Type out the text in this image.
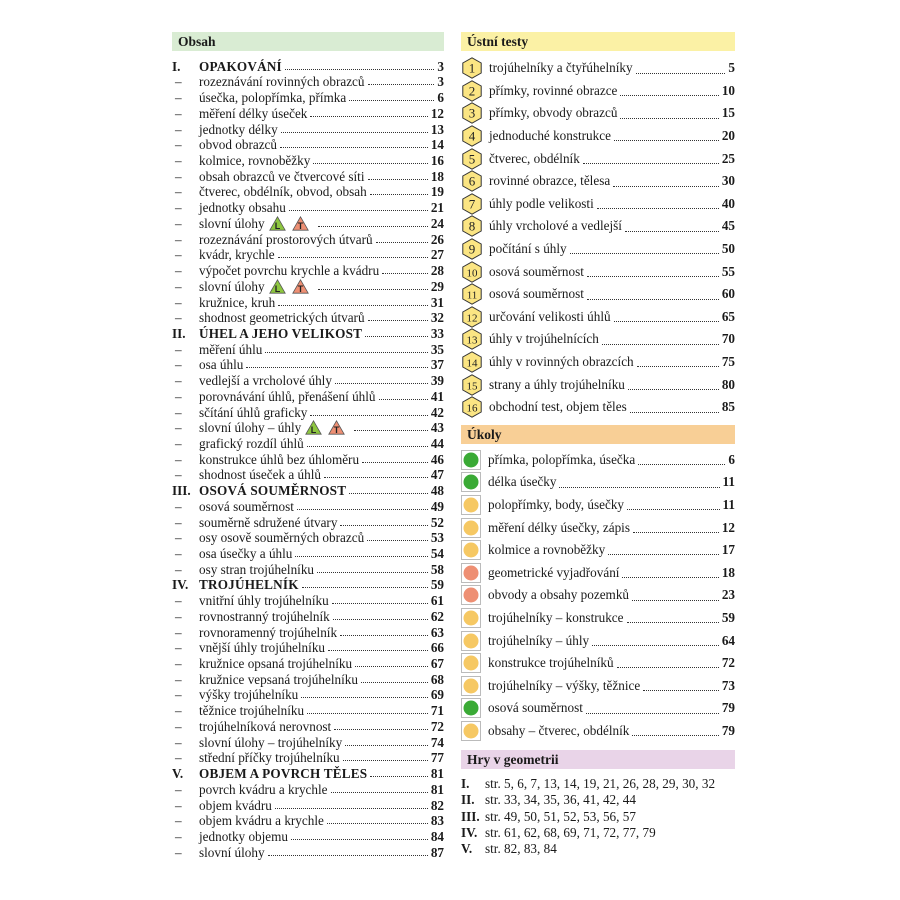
Obsah
I.	OPAKOVÁNÍ	3
–	rozeznávání rovinných obrazců	3
–	úsečka, polopřímka, přímka	6
–	měření délky úseček	12
–	jednotky délky	13
–	obvod obrazců	14
–	kolmice, rovnoběžky	16
–	obsah obrazců ve čtvercové síti	18
–	čtverec, obdélník, obvod, obsah	19
–	jednotky obsahu	21
–	slovní úlohy L T	24
–	rozeznávání prostorových útvarů	26
–	kvádr, krychle	27
–	výpočet povrchu krychle a kvádru	28
–	slovní úlohy L T	29
–	kružnice, kruh	31
–	shodnost geometrických útvarů	32
II.	ÚHEL A JEHO VELIKOST	33
–	měření úhlu	35
–	osa úhlu	37
–	vedlejší a vrcholové úhly	39
–	porovnávání úhlů, přenášení úhlů	41
–	sčítání úhlů graficky	42
–	slovní úlohy – úhly L T	43
–	grafický rozdíl úhlů	44
–	konstrukce úhlů bez úhloměru	46
–	shodnost úseček a úhlů	47
III. OSOVÁ SOUMĚRNOST	48
–	osová souměrnost	49
–	souměrně sdružené útvary	52
–	osy osově souměrných obrazců	53
–	osa úsečky a úhlu	54
–	osy stran trojúhelníku	58
IV. TROJÚHELNÍK	59
–	vnitřní úhly trojúhelníku	61
–	rovnostranný trojúhelník	62
–	rovnoramenný trojúhelník	63
–	vnější úhly trojúhelníku	66
–	kružnice opsaná trojúhelníku	67
–	kružnice vepsaná trojúhelníku	68
–	výšky trojúhelníku	69
–	těžnice trojúhelníku	71
–	trojúhelníková nerovnost	72
–	slovní úlohy – trojúhelníky	74
–	střední příčky trojúhelníku	77
V.	OBJEM A POVRCH TĚLES	81
–	povrch kvádru a krychle	81
–	objem kvádru	82
–	objem kvádru a krychle	83
–	jednotky objemu	84
–	slovní úlohy	87
Ústní testy
1 trojúhelníky a čtyřúhelníky	5
2 přímky, rovinné obrazce	10
3 přímky, obvody obrazců	15
4 jednoduché konstrukce	20
5 čtverec, obdélník	25
6 rovinné obrazce, tělesa	30
7 úhly podle velikosti	40
8 úhly vrcholové a vedlejší	45
9 počítání s úhly	50
10 osová souměrnost	55
11 osová souměrnost	60
12 určování velikosti úhlů	65
13 úhly v trojúhelnících	70
14 úhly v rovinných obrazcích	75
15 strany a úhly trojúhelníku	80
16 obchodní test, objem těles	85
Úkoly
přímka, polopřímka, úsečka	6
délka úsečky	11
polopřímky, body, úsečky	11
měření délky úsečky, zápis	12
kolmice a rovnoběžky	17
geometrické vyjadřování	18
obvody a obsahy pozemků	23
trojúhelníky – konstrukce	59
trojúhelníky – úhly	64
konstrukce trojúhelníků	72
trojúhelníky – výšky, těžnice	73
osová souměrnost	79
obsahy – čtverec, obdélník	79
Hry v geometrii
I.	str. 5, 6, 7, 13, 14, 19, 21, 26, 28, 29, 30, 32
II. str. 33, 34, 35, 36, 41, 42, 44
III. str. 49, 50, 51, 52, 53, 56, 57
IV. str. 61, 62, 68, 69, 71, 72, 77, 79
V. str. 82, 83, 84
